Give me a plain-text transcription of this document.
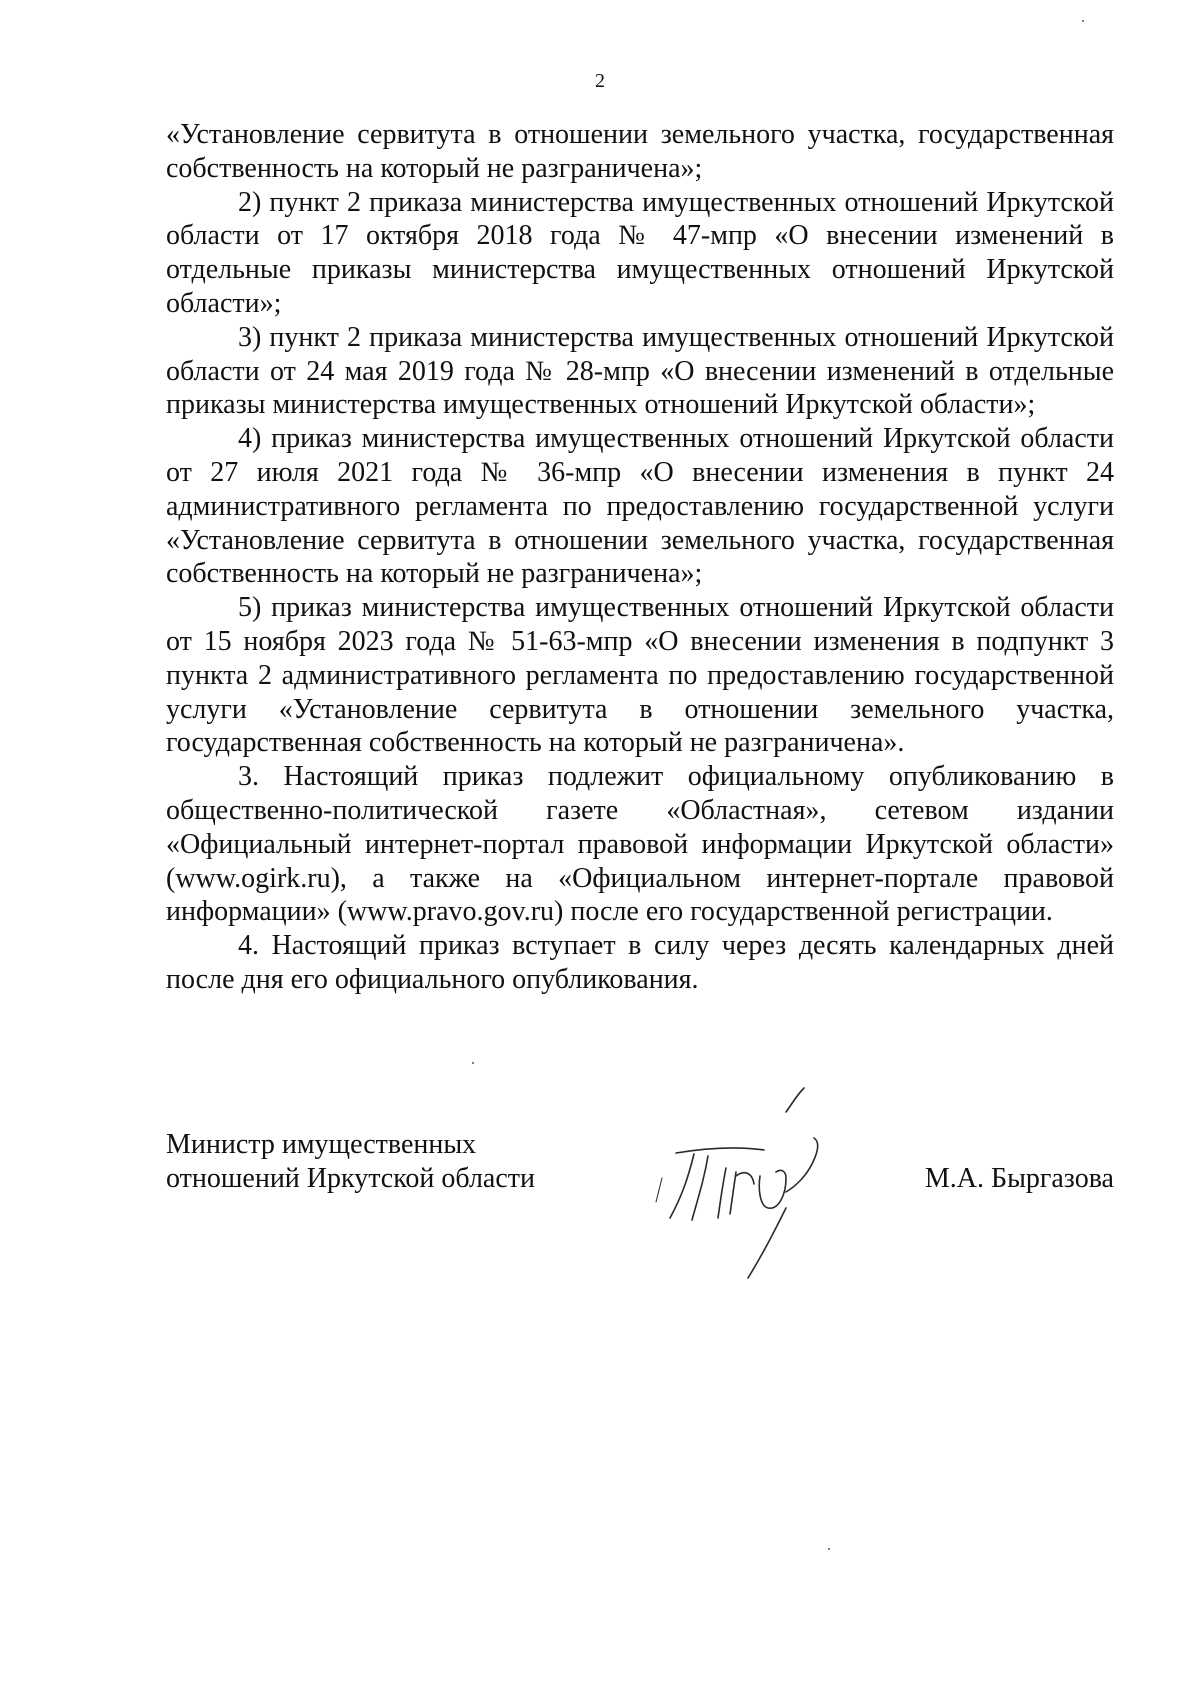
2

«Установление сервитута в отношении земельного участка, государственная собственность на который не разграничена»;

2) пункт 2 приказа министерства имущественных отношений Иркутской области от 17 октября 2018 года № 47-мпр «О внесении изменений в отдельные приказы министерства имущественных отношений Иркутской области»;

3) пункт 2 приказа министерства имущественных отношений Иркутской области от 24 мая 2019 года № 28-мпр «О внесении изменений в отдельные приказы министерства имущественных отношений Иркутской области»;

4) приказ министерства имущественных отношений Иркутской области от 27 июля 2021 года № 36-мпр «О внесении изменения в пункт 24 административного регламента по предоставлению государственной услуги «Установление сервитута в отношении земельного участка, государственная собственность на который не разграничена»;

5) приказ министерства имущественных отношений Иркутской области от 15 ноября 2023 года № 51-63-мпр «О внесении изменения в подпункт 3 пункта 2 административного регламента по предоставлению государственной услуги «Установление сервитута в отношении земельного участка, государственная собственность на который не разграничена».

3. Настоящий приказ подлежит официальному опубликованию в общественно-политической газете «Областная», сетевом издании «Официальный интернет-портал правовой информации Иркутской области» (www.ogirk.ru), а также на «Официальном интернет-портале правовой информации» (www.pravo.gov.ru) после его государственной регистрации.

4. Настоящий приказ вступает в силу через десять календарных дней после дня его официального опубликования.

Министр имущественных
отношений Иркутской области	М.А. Быргазова
